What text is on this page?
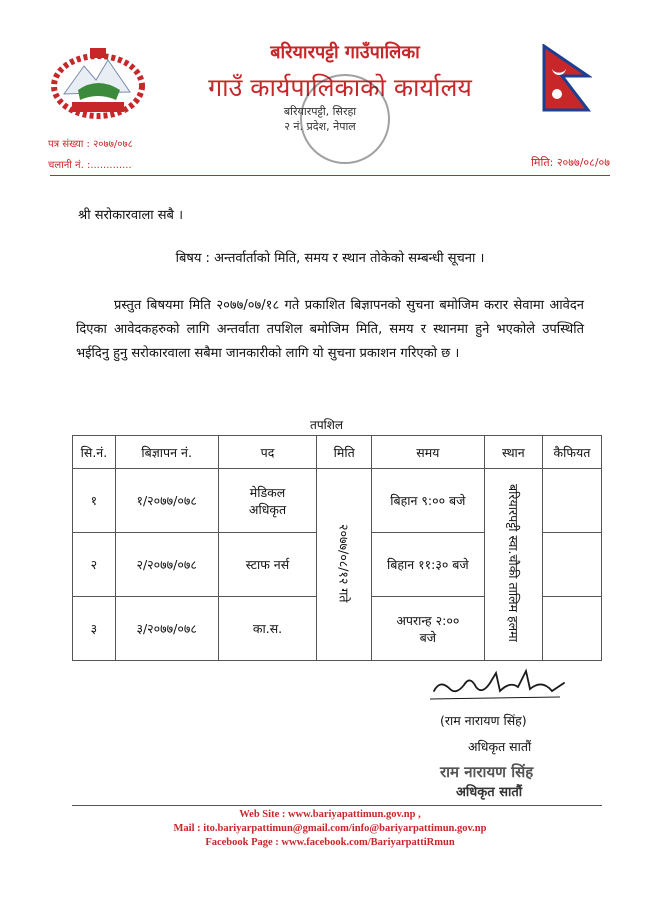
बरियारपट्टी गाउँपालिका
गाउँ कार्यपालिकाको कार्यालय
बरियारपट्टी, सिरहा
२ नं. प्रदेश, नेपाल
पत्र संख्या : २०७७/०७८
चलानी नं. :.............	मिति: २०७७/०८/०७
श्री सरोकारवाला सबै ।
बिषय : अन्तर्वार्ताको मिति, समय र स्थान तोकेको सम्बन्धी सूचना ।
प्रस्तुत बिषयमा मिति २०७७/०७/१८ गते प्रकाशित बिज्ञापनको सुचना बमोजिम करार सेवामा आवेदन दिएका आवेदकहरुको लागि अन्तर्वाता तपशिल बमोजिम मिति, समय र स्थानमा हुने भएकोले उपस्थिति भईदिनु हुनु सरोकारवाला सबैमा जानकारीको लागि यो सुचना प्रकाशन गरिएको छ ।
तपशिल
सि.नं.	बिज्ञापन नं.	पद	मिति	समय	स्थान	कैफियत
१	१/२०७७/०७८	मेडिकल अधिकृत	२०७७/०८/१२ गते	बिहान ९:०० बजे	बरियारपट्टी स्वा.चौकी तालिम हलमा	
२	२/२०७७/०७८	स्टाफ नर्स		बिहान ११:३० बजे		
३	३/२०७७/०७८	का.स.		अपरान्ह २:०० बजे		
(राम नारायण सिंह)
अधिकृत सातौं
राम नारायण सिंह
अधिकृत सातौं
Web Site : www.bariyapattimun.gov.np ,
Mail : ito.bariyarpattimun@gmail.com/info@bariyarpattimun.gov.np
Facebook Page : www.facebook.com/BariyarpattiRmun
